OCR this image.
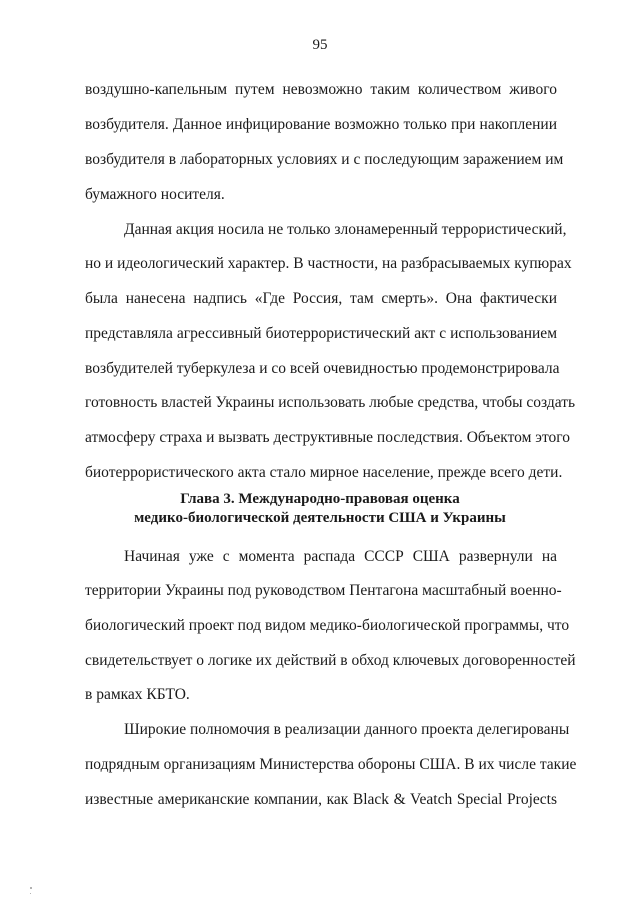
95
воздушно-капельным путем невозможно таким количеством живого
возбудителя. Данное инфицирование возможно только при накоплении
возбудителя в лабораторных условиях и с последующим заражением им
бумажного носителя.
Данная акция носила не только злонамеренный террористический,
но и идеологический характер. В частности, на разбрасываемых купюрах
была нанесена надпись «Где Россия, там смерть». Она фактически
представляла агрессивный биотеррористический акт с использованием
возбудителей туберкулеза и со всей очевидностью продемонстрировала
готовность властей Украины использовать любые средства, чтобы создать
атмосферу страха и вызвать деструктивные последствия. Объектом этого
биотеррористического акта стало мирное население, прежде всего дети.
Глава 3. Международно-правовая оценка
медико-биологической деятельности США и Украины
Начиная уже с момента распада СССР США развернули на
территории Украины под руководством Пентагона масштабный военно-
биологический проект под видом медико-биологической программы, что
свидетельствует о логике их действий в обход ключевых договоренностей
в рамках КБТО.
Широкие полномочия в реализации данного проекта делегированы
подрядным организациям Министерства обороны США. В их числе такие
известные американские компании, как Black & Veatch Special Projects
